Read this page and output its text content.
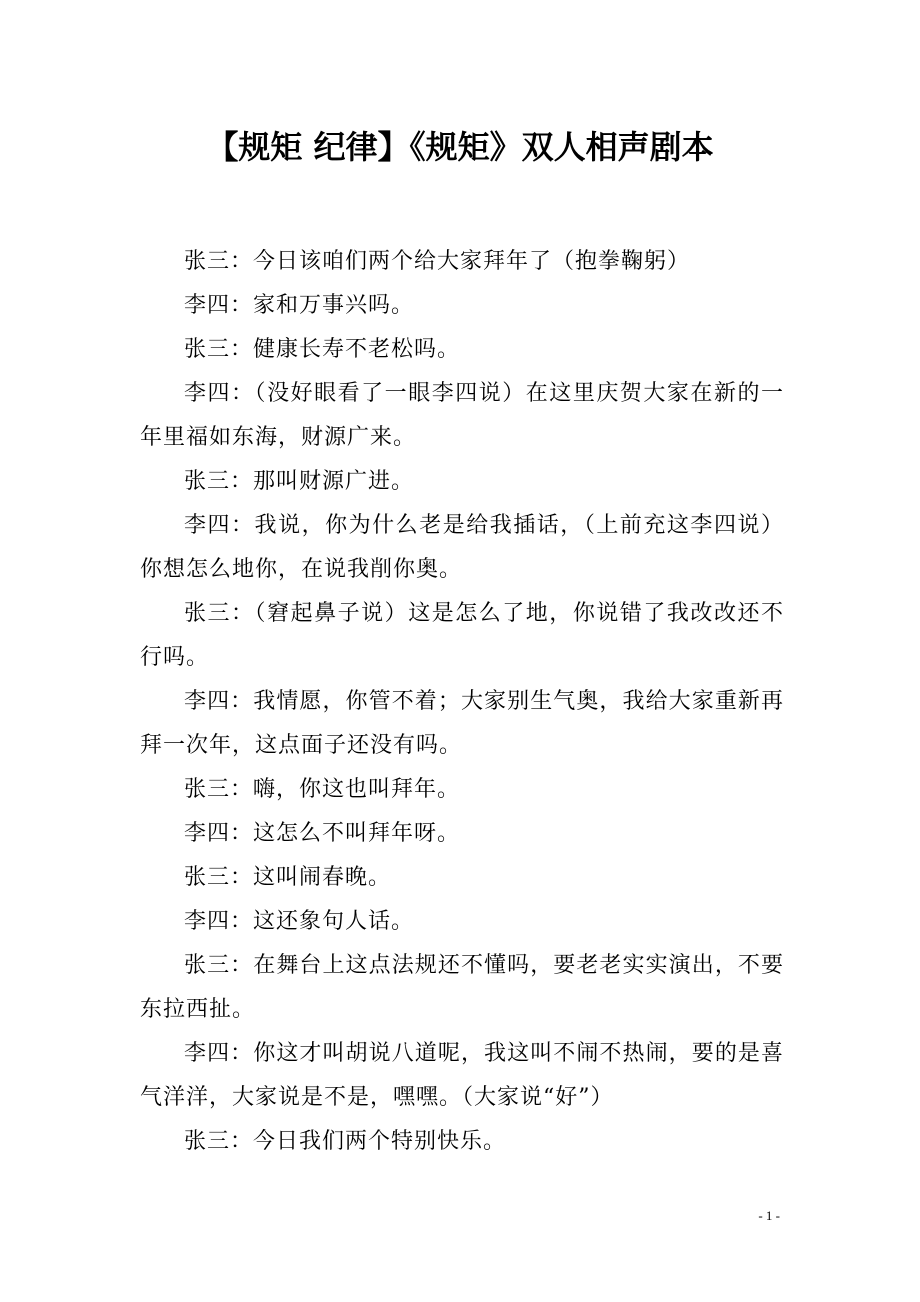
【规矩 纪律】《规矩》双人相声剧本

张三：今日该咱们两个给大家拜年了（抱拳鞠躬）

李四：家和万事兴吗。

张三：健康长寿不老松吗。

李四：（没好眼看了一眼李四说）在这里庆贺大家在新的一年里福如东海，财源广来。

张三：那叫财源广进。

李四：我说，你为什么老是给我插话，（上前充这李四说）你想怎么地你，在说我削你奥。

张三：（窘起鼻子说）这是怎么了地，你说错了我改改还不行吗。

李四：我情愿，你管不着；大家别生气奥，我给大家重新再拜一次年，这点面子还没有吗。

张三：嗨，你这也叫拜年。

李四：这怎么不叫拜年呀。

张三：这叫闹春晚。

李四：这还象句人话。

张三：在舞台上这点法规还不懂吗，要老老实实演出，不要东拉西扯。

李四：你这才叫胡说八道呢，我这叫不闹不热闹，要的是喜气洋洋，大家说是不是，嘿嘿。（大家说“好”）

张三：今日我们两个特别快乐。

- 1 -
